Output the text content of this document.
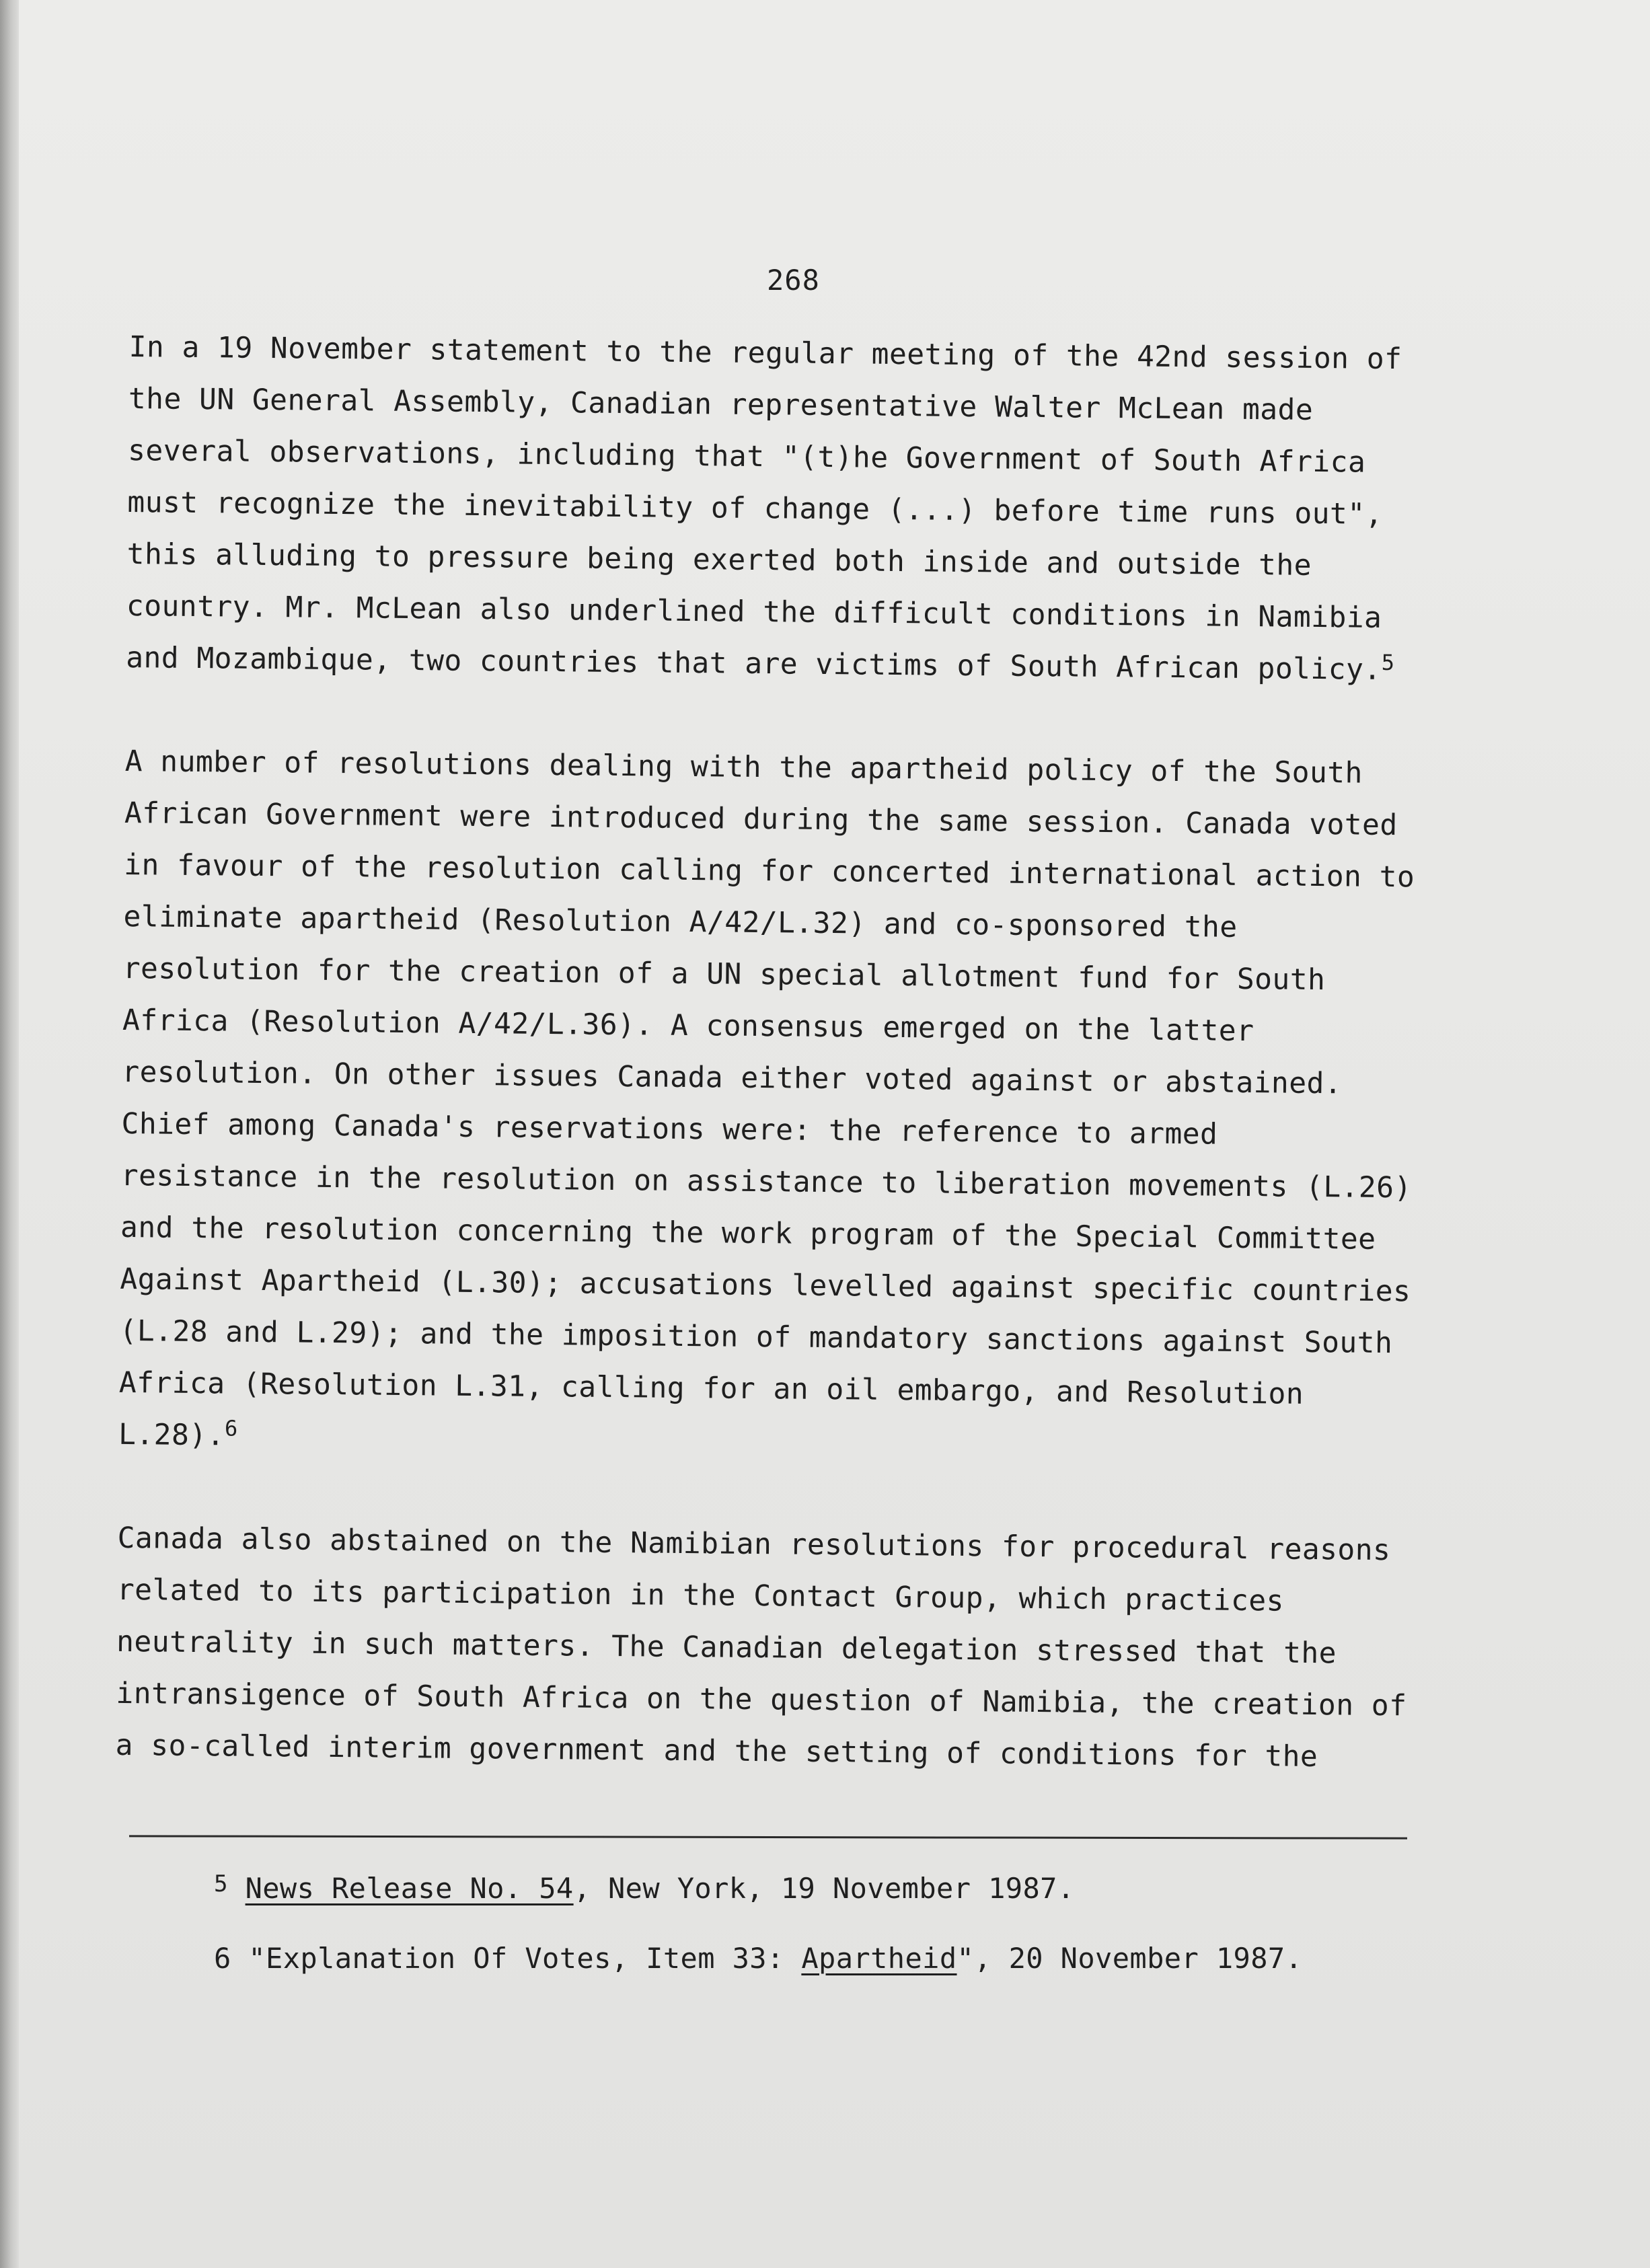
268

In a 19 November statement to the regular meeting of the 42nd session of
the UN General Assembly, Canadian representative Walter McLean made
several observations, including that "(t)he Government of South Africa
must recognize the inevitability of change (...) before time runs out",
this alluding to pressure being exerted both inside and outside the
country. Mr. McLean also underlined the difficult conditions in Namibia
and Mozambique, two countries that are victims of South African policy.$^5$

A number of resolutions dealing with the apartheid policy of the South
African Government were introduced during the same session. Canada voted
in favour of the resolution calling for concerted international action to
eliminate apartheid (Resolution A/42/L.32) and co-sponsored the
resolution for the creation of a UN special allotment fund for South
Africa (Resolution A/42/L.36). A consensus emerged on the latter
resolution. On other issues Canada either voted against or abstained.
Chief among Canada's reservations were: the reference to armed
resistance in the resolution on assistance to liberation movements (L.26)
and the resolution concerning the work program of the Special Committee
Against Apartheid (L.30); accusations levelled against specific countries
(L.28 and L.29); and the imposition of mandatory sanctions against South
Africa (Resolution L.31, calling for an oil embargo, and Resolution
L.28).$^6$

Canada also abstained on the Namibian resolutions for procedural reasons
related to its participation in the Contact Group, which practices
neutrality in such matters. The Canadian delegation stressed that the
intransigence of South Africa on the question of Namibia, the creation of
a so-called interim government and the setting of conditions for the

$^5$ News Release No. 54, New York, 19 November 1987.

6 "Explanation Of Votes, Item 33: Apartheid", 20 November 1987.
